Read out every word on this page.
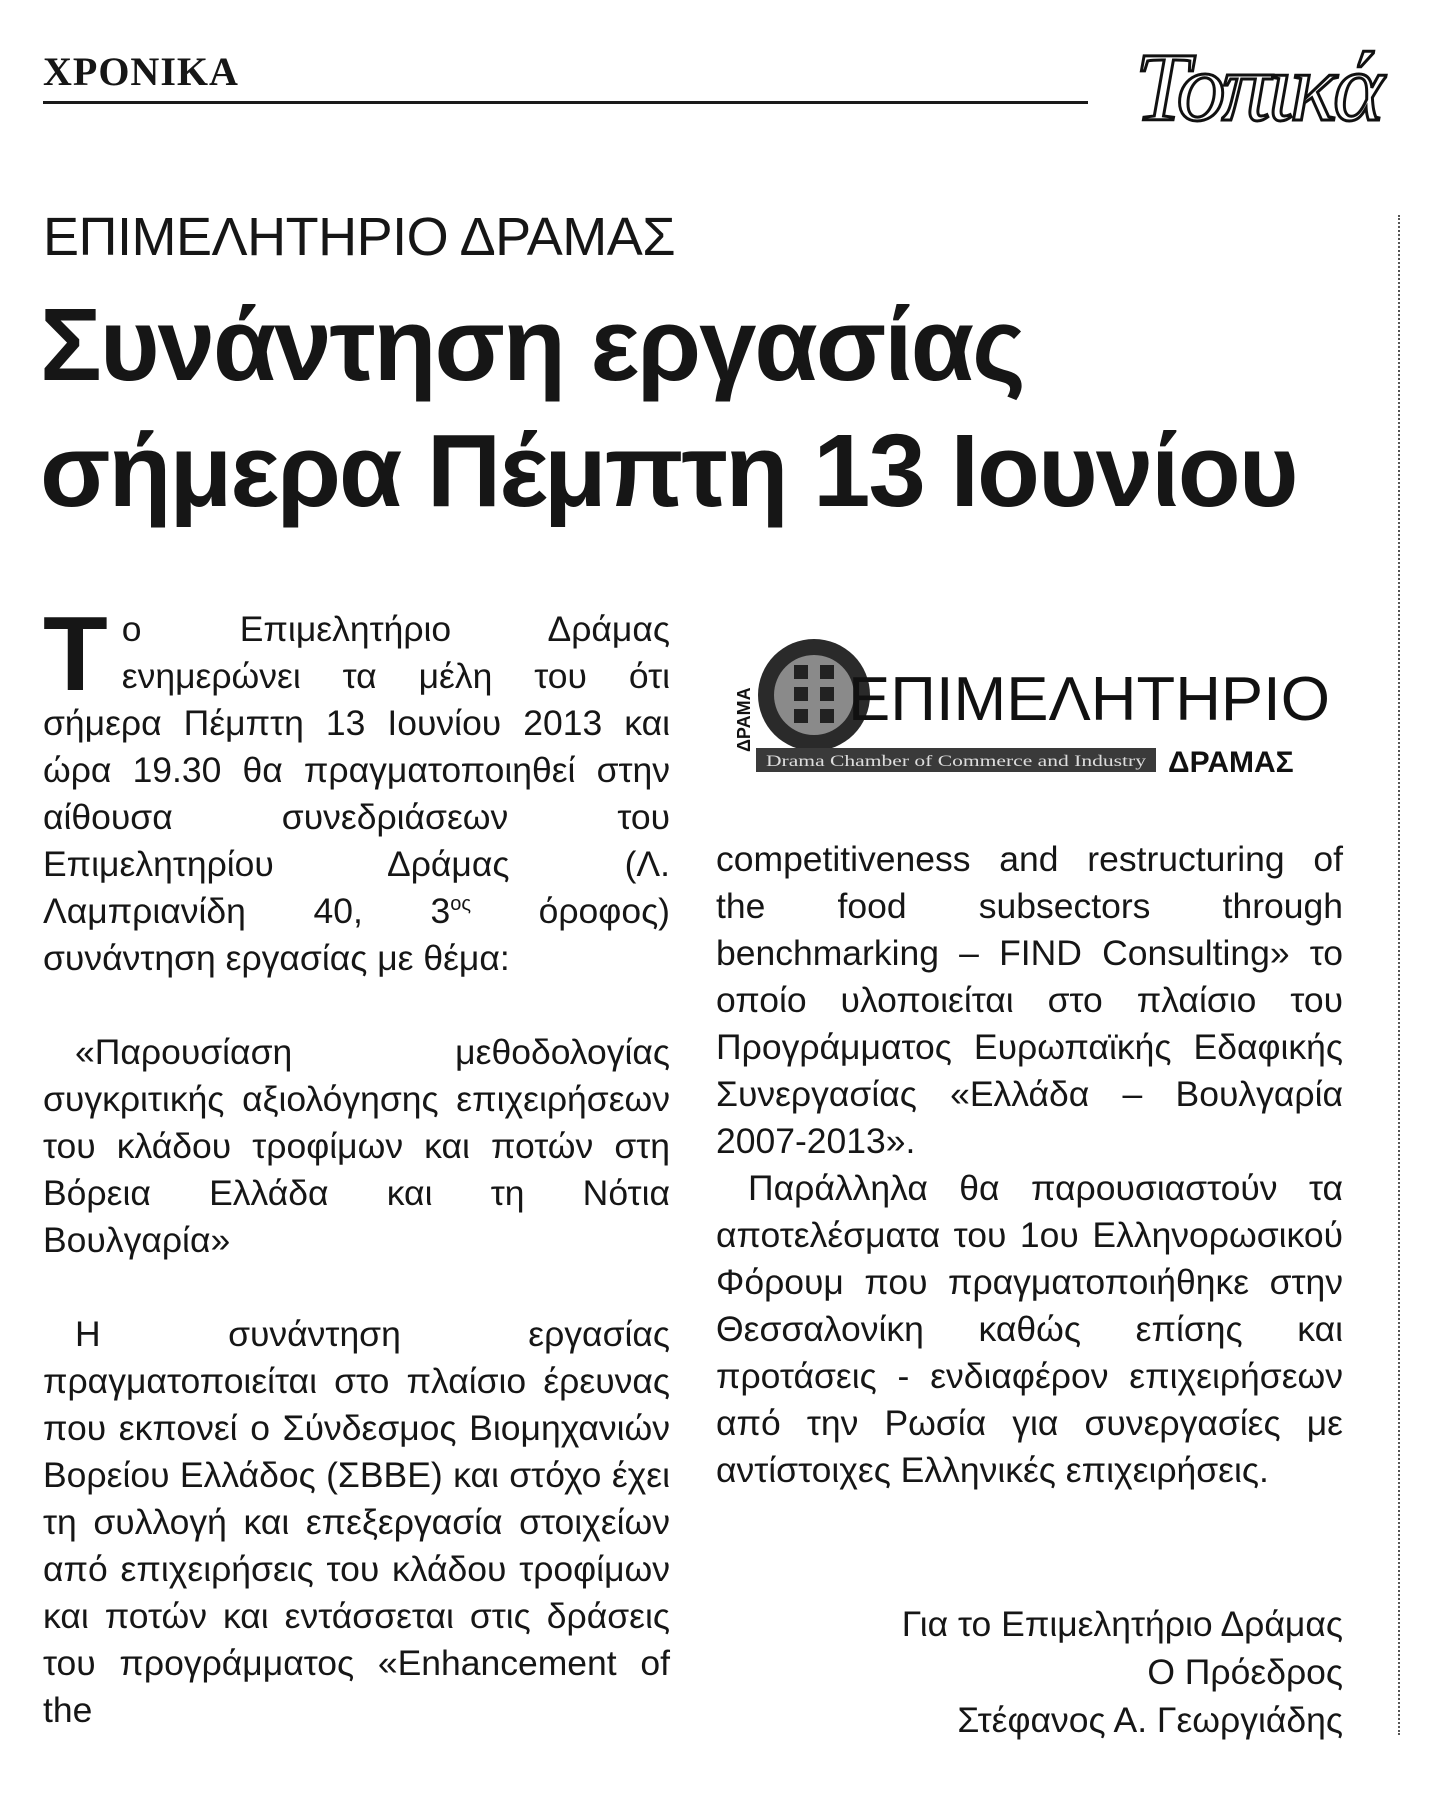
ΧΡΟΝΙΚΑ	Τοπικά
ΕΠΙΜΕΛΗΤΗΡΙΟ ΔΡΑΜΑΣ
Συνάντηση εργασίας
σήμερα Πέμπτη 13 Ιουνίου

Το Επιμελητήριο Δράμας ενημερώνει τα μέλη του ότι σήμερα Πέμπτη 13 Ιουνίου 2013 και ώρα 19.30 θα πραγματοποιηθεί στην αίθουσα συνεδριάσεων του Επιμελητηρίου Δράμας (Λ. Λαμπριανίδη 40, $3^{o\varsigma}$ όροφος) συνάντηση εργασίας με θέμα:

«Παρουσίαση μεθοδολογίας συγκριτικής αξιολόγησης επιχειρήσεων του κλάδου τροφίμων και ποτών στη Βόρεια Ελλάδα και τη Νότια Βουλγαρία»

Η συνάντηση εργασίας πραγματοποιείται στο πλαίσιο έρευνας που εκπονεί ο Σύνδεσμος Βιομηχανιών Βορείου Ελλάδος (ΣΒΒΕ) και στόχο έχει τη συλλογή και επεξεργασία στοιχείων από επιχειρήσεις του κλάδου τροφίμων και ποτών και εντάσσεται στις δράσεις του προγράμματος «Enhancement of the

ΔΡΑΜΑ ΕΠΙΜΕΛΗΤΗΡΙΟ
Drama Chamber of Commerce and Industry ΔΡΑΜΑΣ

competitiveness and restructuring of the food subsectors through benchmarking – FIND Consulting» το οποίο υλοποιείται στο πλαίσιο του Προγράμματος Ευρωπαϊκής Εδαφικής Συνεργασίας «Ελλάδα – Βουλγαρία 2007-2013».

Παράλληλα θα παρουσιαστούν τα αποτελέσματα του 1ου Ελληνορωσικού Φόρουμ που πραγματοποιήθηκε στην Θεσσαλονίκη καθώς επίσης και προτάσεις - ενδιαφέρον επιχειρήσεων από την Ρωσία για συνεργασίες με αντίστοιχες Ελληνικές επιχειρήσεις.

Για το Επιμελητήριο Δράμας
Ο Πρόεδρος
Στέφανος Α. Γεωργιάδης
